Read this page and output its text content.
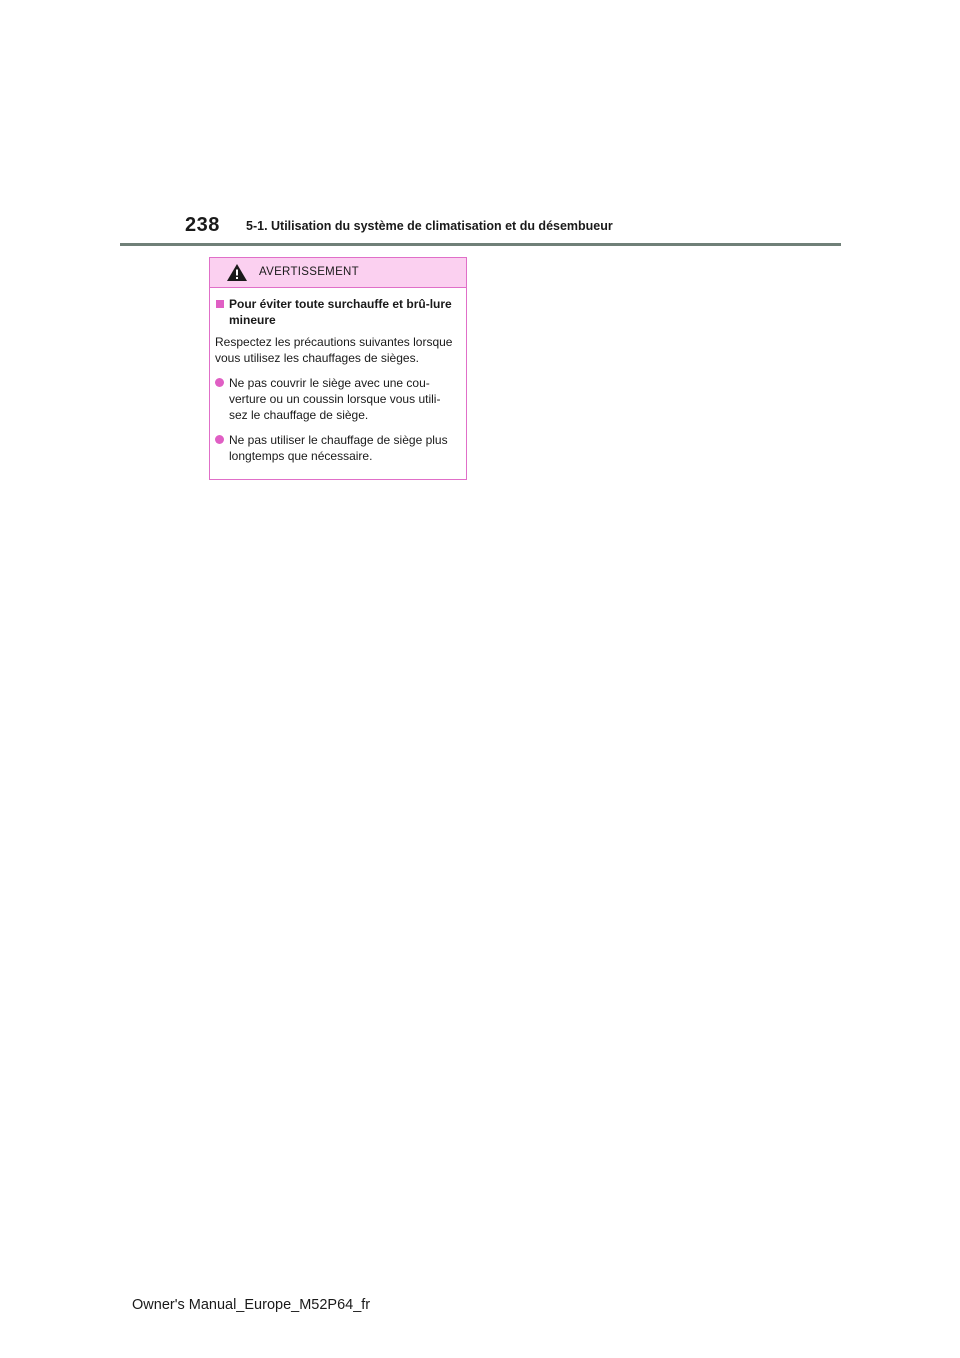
238 5-1. Utilisation du système de climatisation et du désembueur
AVERTISSEMENT
Pour éviter toute surchauffe et brû-lure mineure
Respectez les précautions suivantes lorsque vous utilisez les chauffages de sièges.
Ne pas couvrir le siège avec une cou-verture ou un coussin lorsque vous utili-sez le chauffage de siège.
Ne pas utiliser le chauffage de siège plus longtemps que nécessaire.
Owner's Manual_Europe_M52P64_fr
